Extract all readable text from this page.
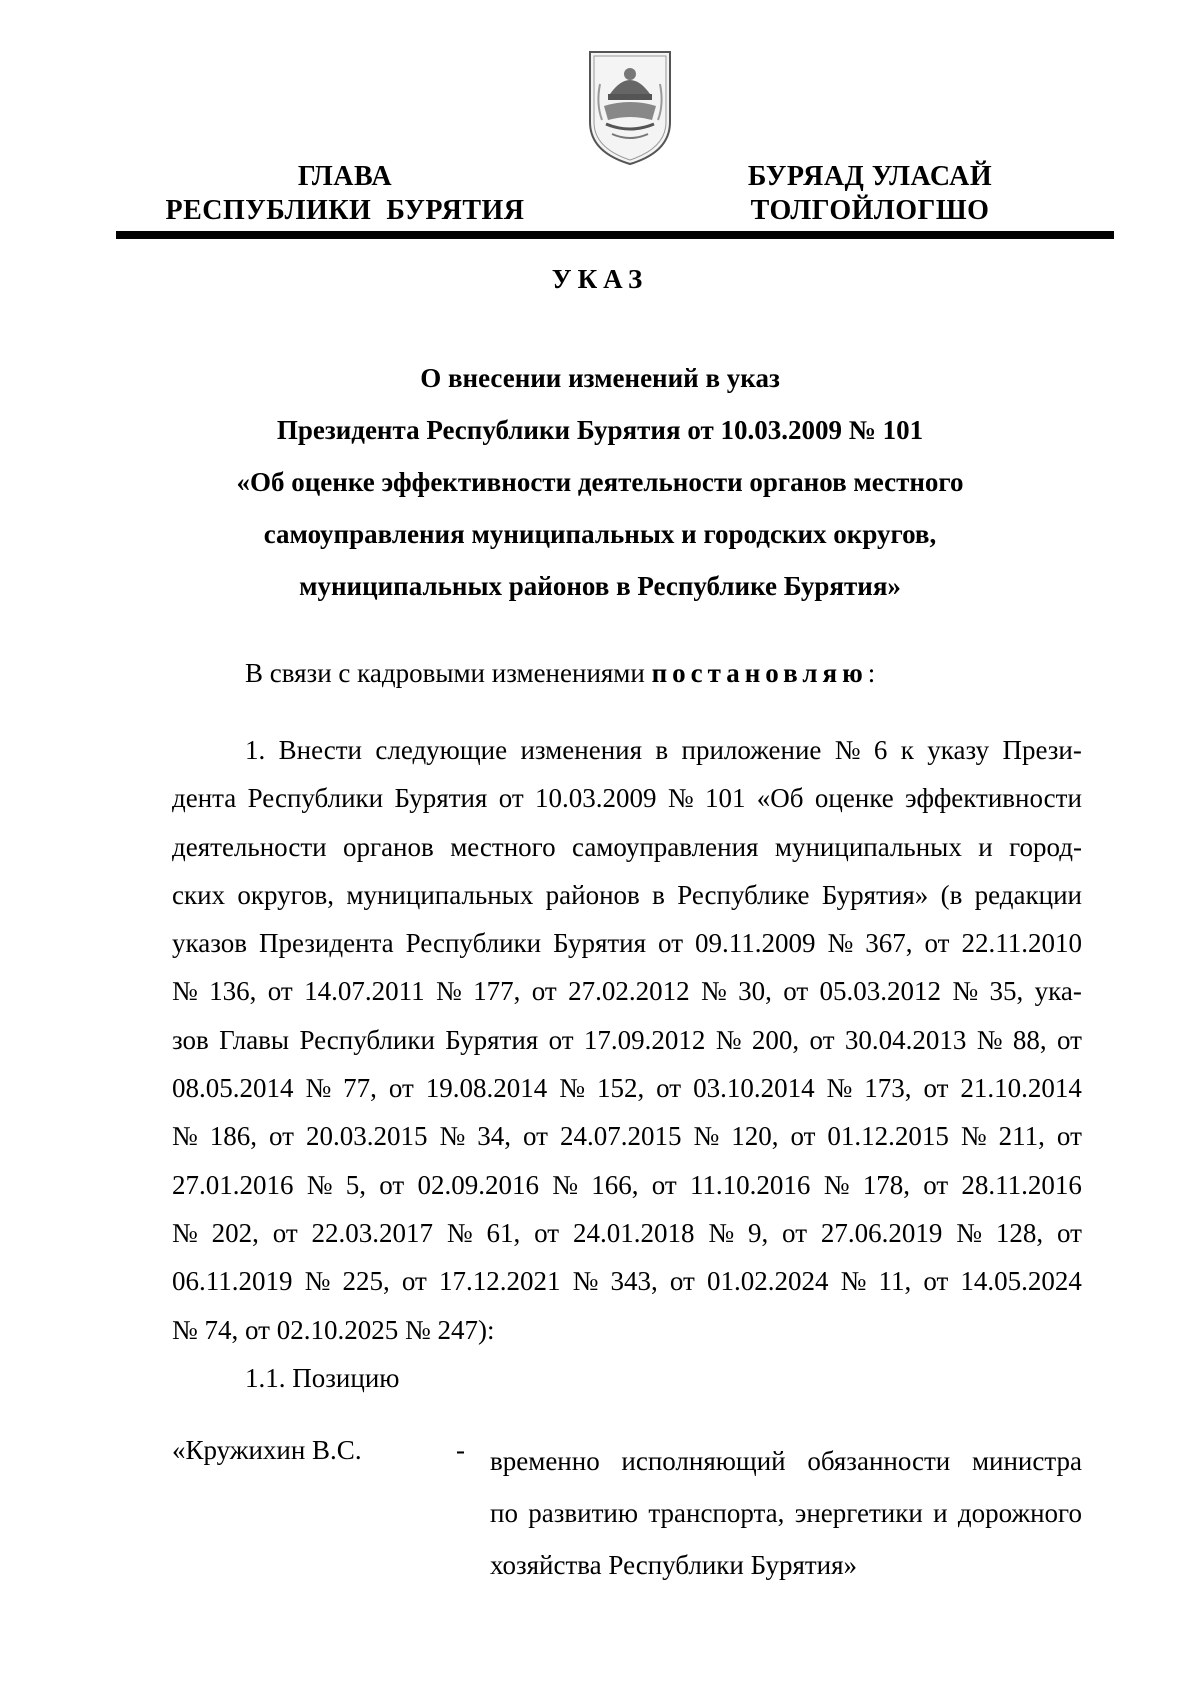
ГЛАВА
РЕСПУБЛИКИ  БУРЯТИЯ
БУРЯАД УЛАСАЙ
ТОЛГОЙЛОГШО
УКАЗ
О внесении изменений в указ
Президента Республики Бурятия от 10.03.2009 № 101
«Об оценке эффективности деятельности органов местного
самоуправления муниципальных и городских округов,
муниципальных районов в Республике Бурятия»
В связи с кадровыми изменениями постановляю:
1. Внести следующие изменения в приложение № 6 к указу Прези-
дента Республики Бурятия от 10.03.2009 № 101 «Об оценке эффективности
деятельности органов местного самоуправления муниципальных и город-
ских округов, муниципальных районов в Республике Бурятия» (в редакции
указов Президента Республики Бурятия от 09.11.2009 № 367, от 22.11.2010
№ 136, от 14.07.2011 № 177, от 27.02.2012 № 30, от 05.03.2012 № 35, ука-
зов Главы Республики Бурятия от 17.09.2012 № 200, от 30.04.2013 № 88, от
08.05.2014 № 77, от 19.08.2014 № 152, от 03.10.2014 № 173, от 21.10.2014
№ 186, от 20.03.2015 № 34, от 24.07.2015 № 120, от 01.12.2015 № 211, от
27.01.2016 № 5, от 02.09.2016 № 166, от 11.10.2016 № 178, от 28.11.2016
№ 202, от 22.03.2017 № 61, от 24.01.2018 № 9, от 27.06.2019 № 128, от
06.11.2019 № 225, от 17.12.2021 № 343, от 01.02.2024 № 11, от 14.05.2024
№ 74, от 02.10.2025 № 247):
1.1. Позицию
«Кружихин В.С.	- временно исполняющий обязанности министра
по развитию транспорта, энергетики и дорожного
хозяйства Республики Бурятия»
